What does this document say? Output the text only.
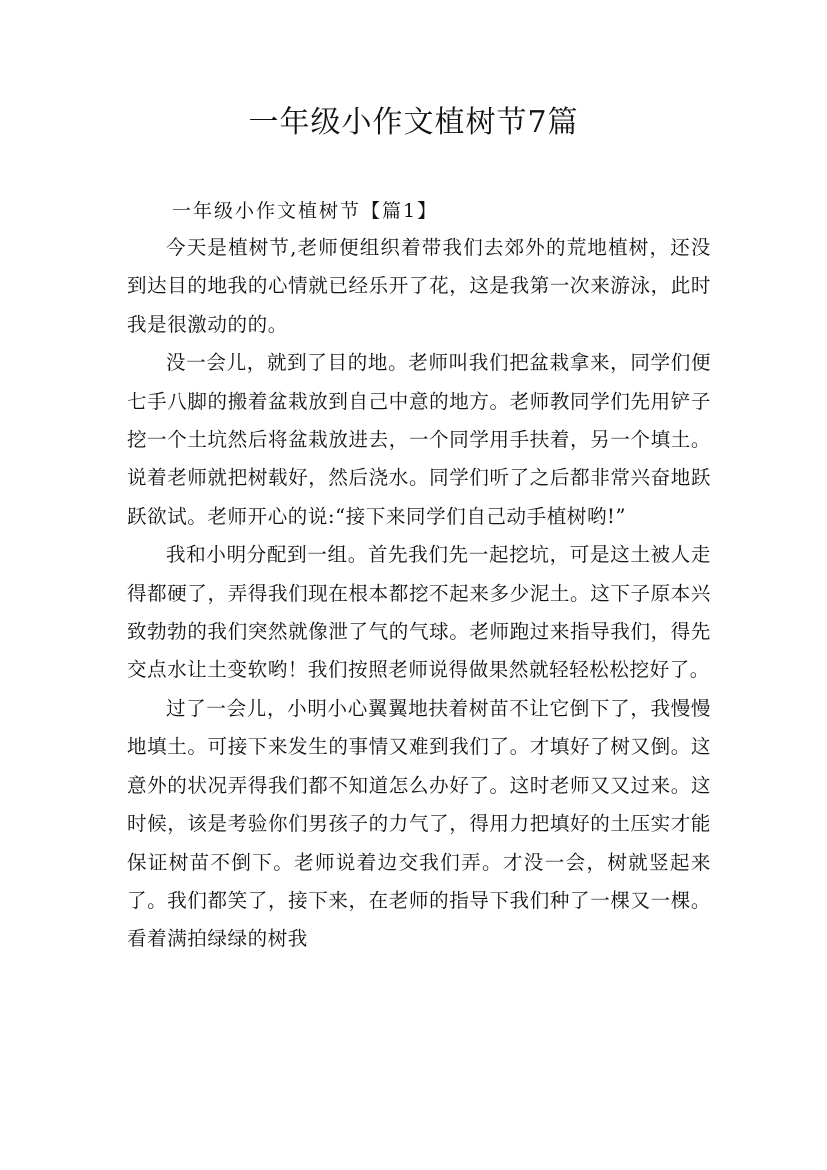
一年级小作文植树节7篇

一年级小作文植树节【篇1】

今天是植树节,老师便组织着带我们去郊外的荒地植树，还没到达目的地我的心情就已经乐开了花，这是我第一次来游泳，此时我是很激动的的。

没一会儿，就到了目的地。老师叫我们把盆栽拿来，同学们便七手八脚的搬着盆栽放到自己中意的地方。老师教同学们先用铲子挖一个土坑然后将盆栽放进去，一个同学用手扶着，另一个填土。说着老师就把树载好，然后浇水。同学们听了之后都非常兴奋地跃跃欲试。老师开心的说:“接下来同学们自己动手植树哟!”

我和小明分配到一组。首先我们先一起挖坑，可是这土被人走得都硬了，弄得我们现在根本都挖不起来多少泥土。这下子原本兴致勃勃的我们突然就像泄了气的气球。老师跑过来指导我们，得先交点水让土变软哟！我们按照老师说得做果然就轻轻松松挖好了。

过了一会儿，小明小心翼翼地扶着树苗不让它倒下了，我慢慢地填土。可接下来发生的事情又难到我们了。才填好了树又倒。这意外的状况弄得我们都不知道怎么办好了。这时老师又又过来。这时候，该是考验你们男孩子的力气了，得用力把填好的土压实才能保证树苗不倒下。老师说着边交我们弄。才没一会，树就竖起来了。我们都笑了，接下来，在老师的指导下我们种了一棵又一棵。看着满拍绿绿的树我
